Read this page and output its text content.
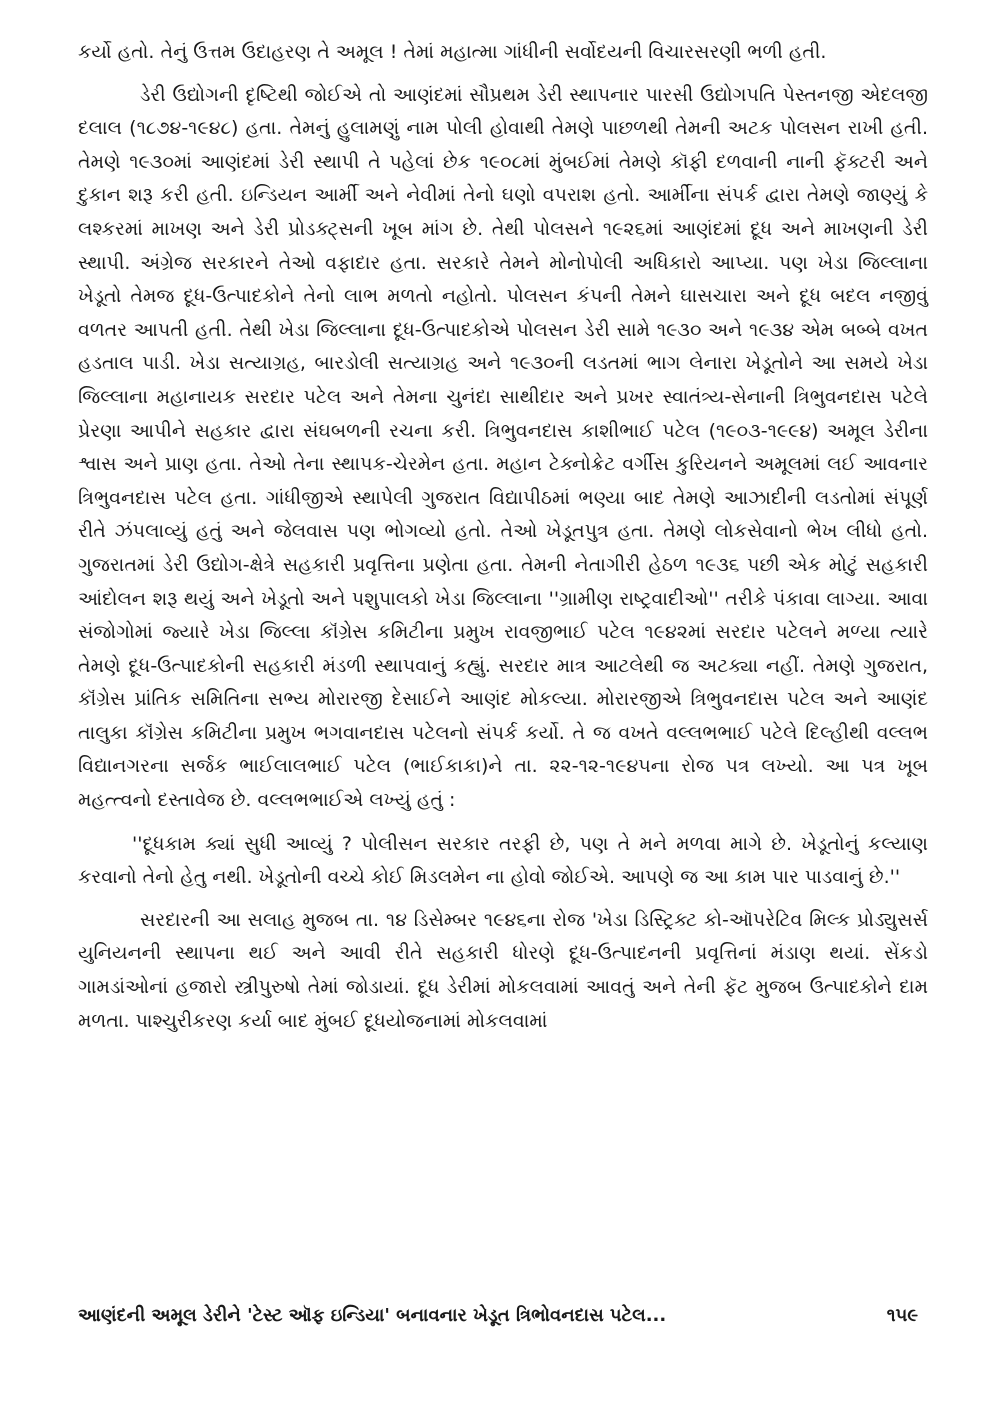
કર્યો હતો. તેનું ઉત્તમ ઉદાહરણ તે અમૂલ ! તેમાં મહાત્મા ગાંધીની સર્વોદયની વિચારસરણી ભળી હતી.

ડેરી ઉદ્યોગની દૃષ્ટિથી જોઈએ તો આણંદમાં સૌપ્રથમ ડેરી સ્થાપનાર પારસી ઉદ્યોગપતિ પેસ્તનજી એદલજી દલાલ (૧૮૭૪-૧૯૪૮) હતા. તેમનું હુલામણું નામ પોલી હોવાથી તેમણે પાછળથી તેમની અટક પોલસન રાખી હતી. તેમણે ૧૯૩૦માં આણંદમાં ડેરી સ્થાપી તે પહેલાં છેક ૧૯૦૮માં મુંબઈમાં તેમણે કૉફી દળવાની નાની ફૅક્ટરી અને દુકાન શરૂ કરી હતી. ઇન્ડિયન આર્મી અને નેવીમાં તેનો ઘણો વપરાશ હતો. આર્મીના સંપર્ક દ્વારા તેમણે જાણ્યું કે લશ્કરમાં માખણ અને ડેરી પ્રોડક્ટ્સની ખૂબ માંગ છે. તેથી પોલસને ૧૯૨૬માં આણંદમાં દૂધ અને માખણની ડેરી સ્થાપી. અંગ્રેજ સરકારને તેઓ વફાદાર હતા. સરકારે તેમને મોનોપોલી અધિકારો આપ્યા. પણ ખેડા જિલ્લાના ખેડૂતો તેમજ દૂધ-ઉત્પાદકોને તેનો લાભ મળતો નહોતો. પોલસન કંપની તેમને ઘાસચારા અને દૂધ બદલ નજીવું વળતર આપતી હતી. તેથી ખેડા જિલ્લાના દૂધ-ઉત્પાદકોએ પોલસન ડેરી સામે ૧૯૩૦ અને ૧૯૩૪ એમ બબ્બે વખત હડતાલ પાડી. ખેડા સત્યાગ્રહ, બારડોલી સત્યાગ્રહ અને ૧૯૩૦ની લડતમાં ભાગ લેનારા ખેડૂતોને આ સમયે ખેડા જિલ્લાના મહાનાયક સરદાર પટેલ અને તેમના ચુનંદા સાથીદાર અને પ્રખર સ્વાતંત્ર્ય-સેનાની ત્રિભુવનદાસ પટેલે પ્રેરણા આપીને સહકાર દ્વારા સંઘબળની રચના કરી. ત્રિભુવનદાસ કાશીભાઈ પટેલ (૧૯૦૩-૧૯૯૪) અમૂલ ડેરીના શ્વાસ અને પ્રાણ હતા. તેઓ તેના સ્થાપક-ચેરમેન હતા. મહાન ટેક્નોક્રેટ વર્ગીસ કુરિયનને અમૂલમાં લઈ આવનાર ત્રિભુવનદાસ પટેલ હતા. ગાંધીજીએ સ્થાપેલી ગુજરાત વિદ્યાપીઠમાં ભણ્યા બાદ તેમણે આઝાદીની લડતોમાં સંપૂર્ણ રીતે ઝંપલાવ્યું હતું અને જેલવાસ પણ ભોગવ્યો હતો. તેઓ ખેડૂતપુત્ર હતા. તેમણે લોકસેવાનો ભેખ લીધો હતો. ગુજરાતમાં ડેરી ઉદ્યોગ-ક્ષેત્રે સહકારી પ્રવૃત્તિના પ્રણેતા હતા. તેમની નેતાગીરી હેઠળ ૧૯૩૬ પછી એક મોટું સહકારી આંદોલન શરૂ થયું અને ખેડૂતો અને પશુપાલકો ખેડા જિલ્લાના ''ગ્રામીણ રાષ્ટ્રવાદીઓ'' તરીકે પંકાવા લાગ્યા. આવા સંજોગોમાં જ્યારે ખેડા જિલ્લા કૉંગ્રેસ કમિટીના પ્રમુખ રાવજીભાઈ પટેલ ૧૯૪૨માં સરદાર પટેલને મળ્યા ત્યારે તેમણે દૂધ-ઉત્પાદકોની સહકારી મંડળી સ્થાપવાનું કહ્યું. સરદાર માત્ર આટલેથી જ અટક્યા નહીં. તેમણે ગુજરાત, કૉંગ્રેસ પ્રાંતિક સમિતિના સભ્ય મોરારજી દેસાઈને આણંદ મોકલ્યા. મોરારજીએ ત્રિભુવનદાસ પટેલ અને આણંદ તાલુકા કૉંગ્રેસ કમિટીના પ્રમુખ ભગવાનદાસ પટેલનો સંપર્ક કર્યો. તે જ વખતે વલ્લભભાઈ પટેલે દિલ્હીથી વલ્લભ વિદ્યાનગરના સર્જક ભાઈલાલભાઈ પટેલ (ભાઈકાકા)ને તા. ૨૨-૧૨-૧૯૪૫ના રોજ પત્ર લખ્યો. આ પત્ર ખૂબ મહત્ત્વનો દસ્તાવેજ છે. વલ્લભભાઈએ લખ્યું હતું :

''દૂધકામ ક્યાં સુધી આવ્યું ? પોલીસન સરકાર તરફી છે, પણ તે મને મળવા માગે છે. ખેડૂતોનું કલ્યાણ કરવાનો તેનો હેતુ નથી. ખેડૂતોની વચ્ચે કોઈ મિડલમેન ના હોવો જોઈએ. આપણે જ આ કામ પાર પાડવાનું છે.''

સરદારની આ સલાહ મુજબ તા. ૧૪ ડિસેમ્બર ૧૯૪૬ના રોજ 'ખેડા ડિસ્ટ્રિક્ટ કો-ઑપરેટિવ મિલ્ક પ્રોડ્યુસર્સ યુનિયનની સ્થાપના થઈ અને આવી રીતે સહકારી ધોરણે દૂધ-ઉત્પાદનની પ્રવૃત્તિનાં મંડાણ થયાં. સેંકડો ગામડાંઓનાં હજારો સ્ત્રીપુરુષો તેમાં જોડાયાં. દૂધ ડેરીમાં મોકલવામાં આવતું અને તેની ફૅટ મુજબ ઉત્પાદકોને દામ મળતા. પાશ્ચુરીકરણ કર્યા બાદ મુંબઈ દૂધયોજનામાં મોકલવામાં

આણંદની અમૂલ ડેરીને 'ટેસ્ટ ઑફ ઇન્ડિયા' બનાવનાર ખેડૂત ત્રિભોવનદાસ પટેલ...	૧૫૯
